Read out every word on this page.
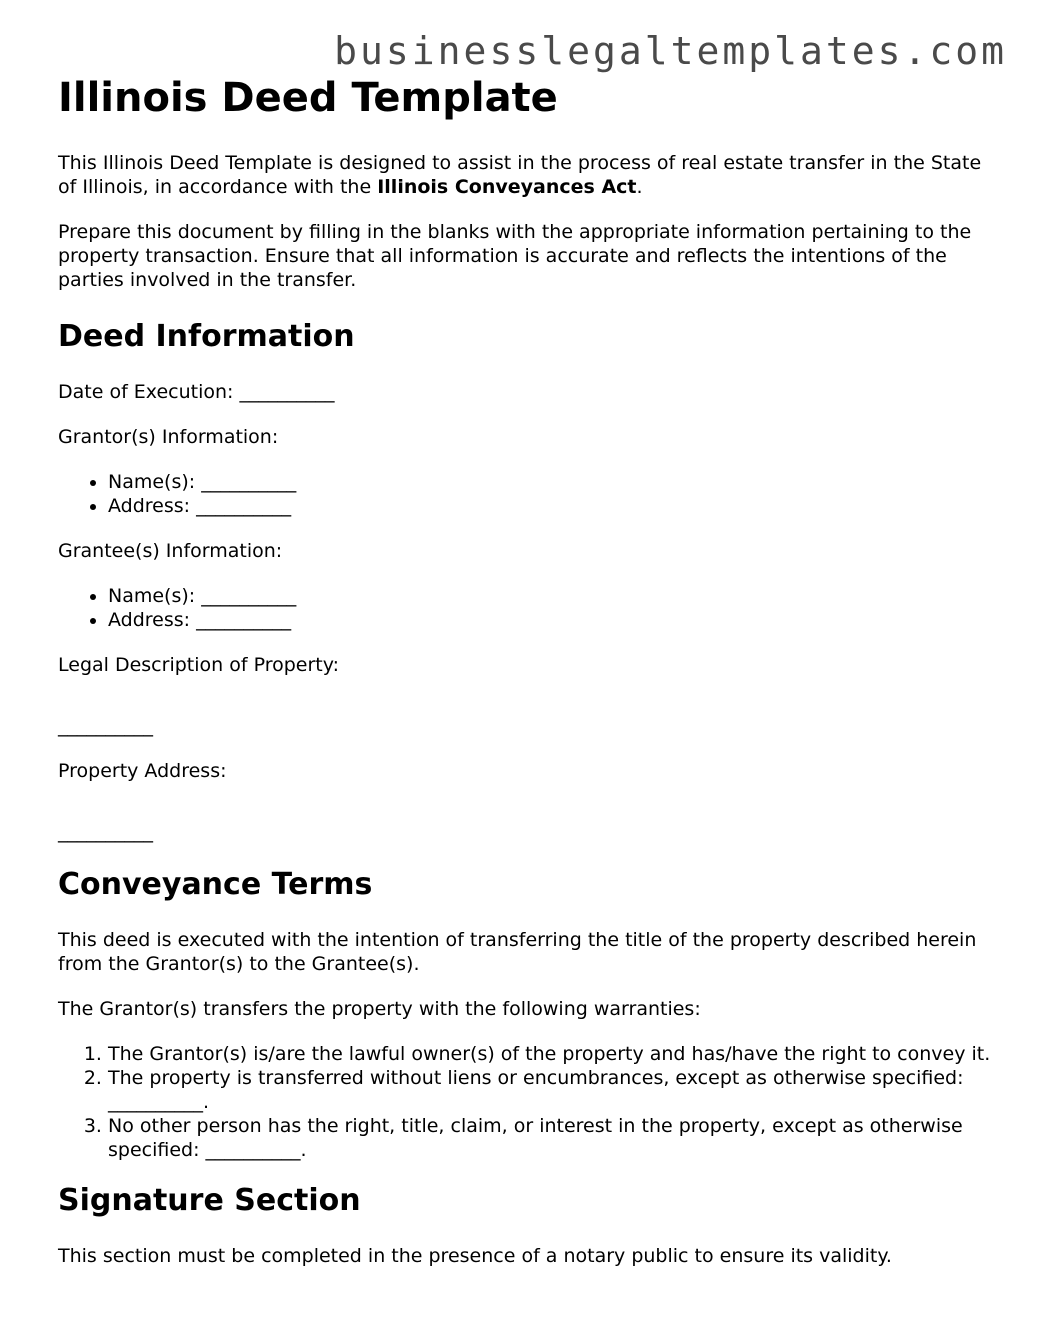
businesslegaltemplates.com
Illinois Deed Template

This Illinois Deed Template is designed to assist in the process of real estate transfer in the State of Illinois, in accordance with the Illinois Conveyances Act.

Prepare this document by filling in the blanks with the appropriate information pertaining to the property transaction. Ensure that all information is accurate and reflects the intentions of the parties involved in the transfer.

Deed Information

Date of Execution: __________

Grantor(s) Information:

• Name(s): __________
• Address: __________

Grantee(s) Information:

• Name(s): __________
• Address: __________

Legal Description of Property:

__________

Property Address:

__________

Conveyance Terms

This deed is executed with the intention of transferring the title of the property described herein from the Grantor(s) to the Grantee(s).

The Grantor(s) transfers the property with the following warranties:

1. The Grantor(s) is/are the lawful owner(s) of the property and has/have the right to convey it.
2. The property is transferred without liens or encumbrances, except as otherwise specified: __________.
3. No other person has the right, title, claim, or interest in the property, except as otherwise specified: __________.
Signature Section

This section must be completed in the presence of a notary public to ensure its validity.
